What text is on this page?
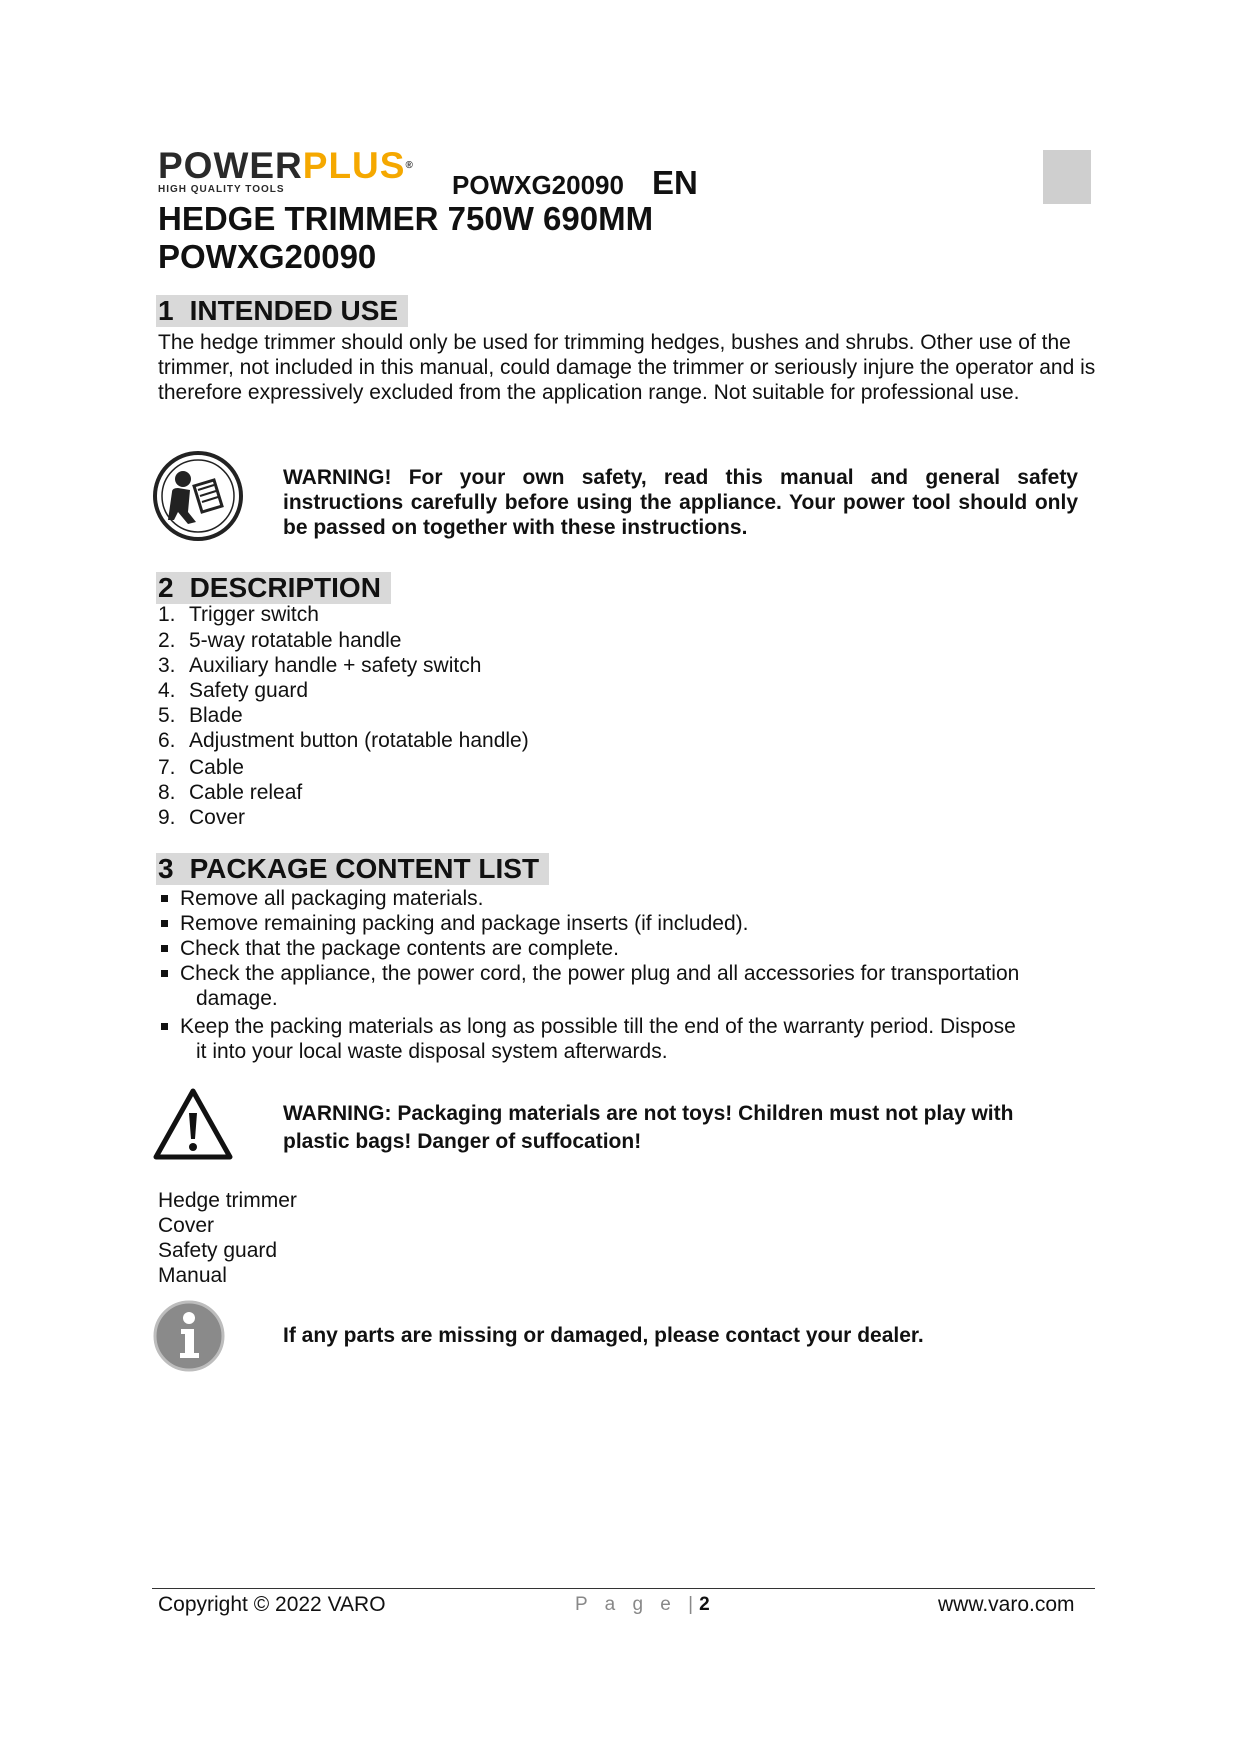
POWERPLUS®
HIGH QUALITY TOOLS	POWXG20090 EN
HEDGE TRIMMER 750W 690MM
POWXG20090
1 INTENDED USE
The hedge trimmer should only be used for trimming hedges, bushes and shrubs. Other use of the trimmer, not included in this manual, could damage the trimmer or seriously injure the operator and is therefore expressively excluded from the application range. Not suitable for professional use.
WARNING! For your own safety, read this manual and general safety instructions carefully before using the appliance. Your power tool should only be passed on together with these instructions.
2 DESCRIPTION
1. Trigger switch
2. 5-way rotatable handle
3. Auxiliary handle + safety switch
4. Safety guard
5. Blade
6. Adjustment button (rotatable handle)
7. Cable
8. Cable releaf
9. Cover
3 PACKAGE CONTENT LIST
Remove all packaging materials.
Remove remaining packing and package inserts (if included).
Check that the package contents are complete.
Check the appliance, the power cord, the power plug and all accessories for transportation
damage.
Keep the packing materials as long as possible till the end of the warranty period. Dispose
it into your local waste disposal system afterwards.
WARNING: Packaging materials are not toys! Children must not play with
plastic bags! Danger of suffocation!
Hedge trimmer
Cover
Safety guard
Manual
If any parts are missing or damaged, please contact your dealer.
Copyright © 2022 VARO	P a g e |2	www.varo.com
